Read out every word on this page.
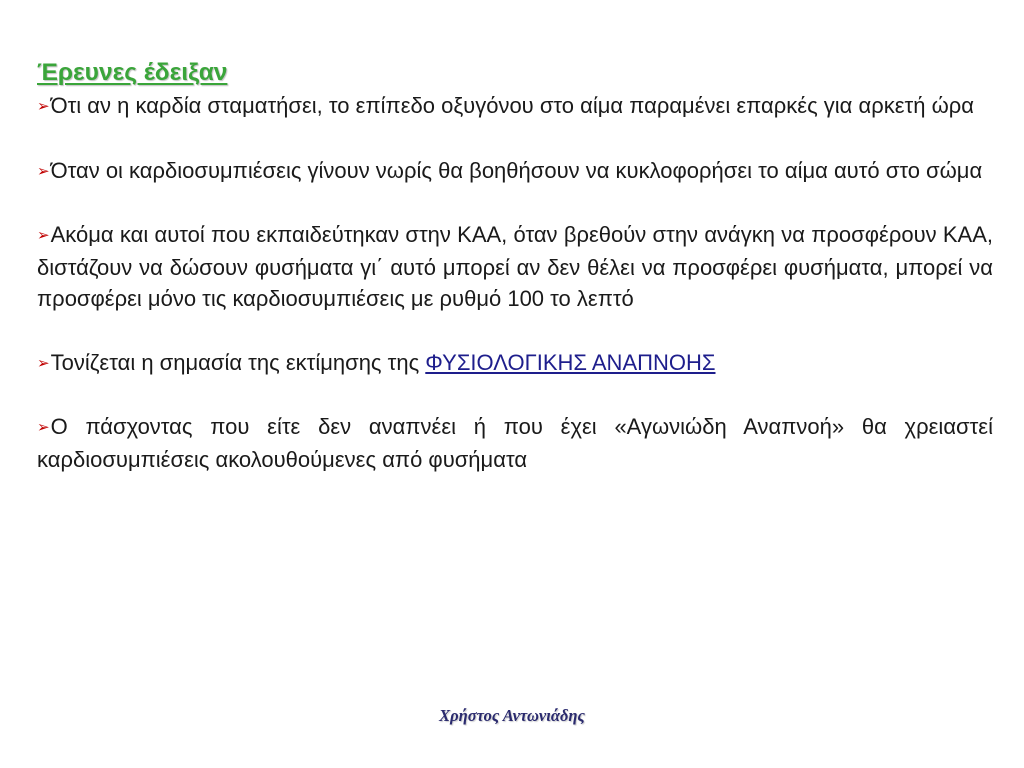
Έρευνες έδειξαν

➢Ότι αν η καρδία σταματήσει, το επίπεδο οξυγόνου στο αίμα παραμένει επαρκές για αρκετή ώρα

➢Όταν οι καρδιοσυμπιέσεις γίνουν νωρίς θα βοηθήσουν να κυκλοφορήσει το αίμα αυτό στο σώμα

➢Ακόμα και αυτοί που εκπαιδεύτηκαν στην ΚΑΑ, όταν βρεθούν στην ανάγκη να προσφέρουν ΚΑΑ, διστάζουν να δώσουν φυσήματα γι΄ αυτό μπορεί αν δεν θέλει να προσφέρει φυσήματα, μπορεί να προσφέρει μόνο τις καρδιοσυμπιέσεις με ρυθμό 100 το λεπτό

➢Τονίζεται η σημασία της εκτίμησης της ΦΥΣΙΟΛΟΓΙΚΗΣ ΑΝΑΠΝΟΗΣ

➢Ο πάσχοντας που είτε δεν αναπνέει ή που έχει «Αγωνιώδη Αναπνοή» θα χρειαστεί καρδιοσυμπιέσεις ακολουθούμενες από φυσήματα

Χρήστος Αντωνιάδης
